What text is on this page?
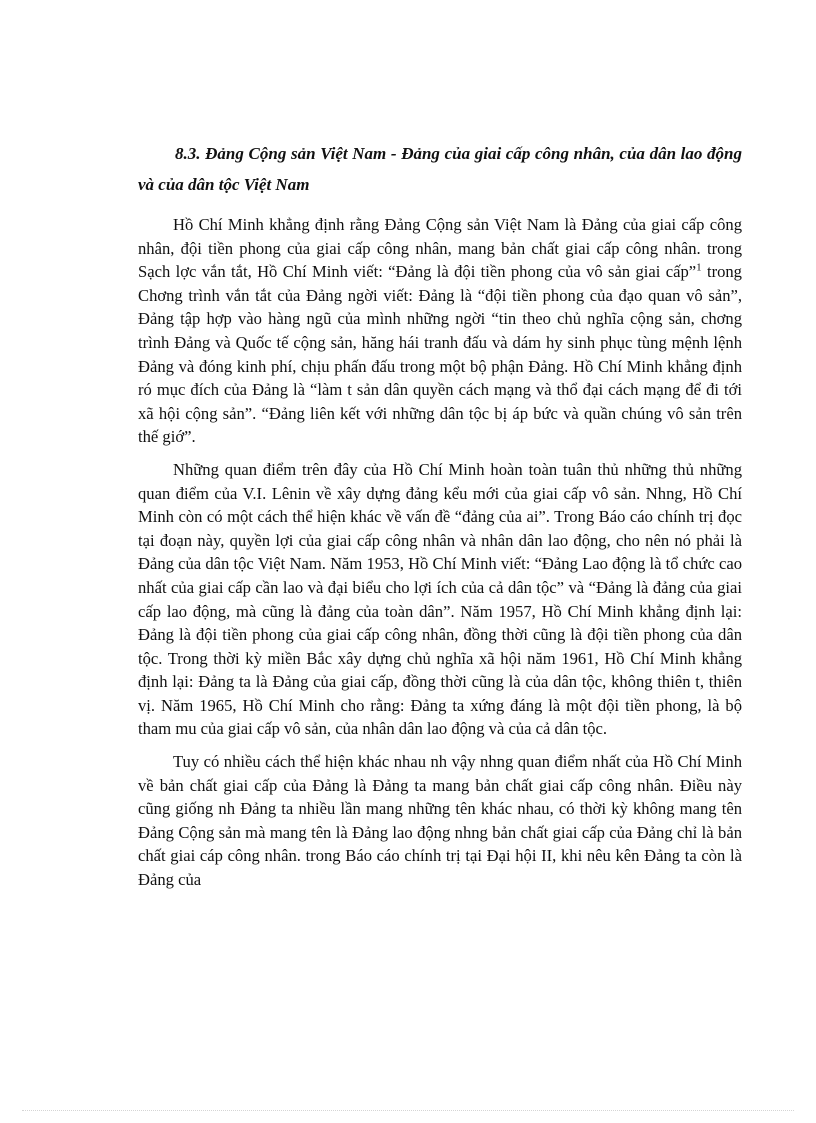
8.3. Đảng Cộng sản Việt Nam - Đảng của giai cấp công nhân, của dân lao động và của dân tộc Việt Nam

Hồ Chí Minh khẳng định rằng Đảng Cộng sản Việt Nam là Đảng của giai cấp công nhân, đội tiền phong của giai cấp công nhân, mang bản chất giai cấp công nhân. trong Sạch lợc vắn tắt, Hồ Chí Minh viết: “Đảng là đội tiền phong của vô sản giai cấp”$^1$ trong Chơng trình vắn tắt của Đảng ngời viết: Đảng là “đội tiền phong của đạo quan vô sản”, Đảng tập hợp vào hàng ngũ của mình những ngời “tin theo chủ nghĩa cộng sản, chơng trình Đảng và Quốc tế cộng sản, hăng hái tranh đấu và dám hy sinh phục tùng mệnh lệnh Đảng và đóng kinh phí, chịu phấn đấu trong một bộ phận Đảng. Hồ Chí Minh khẳng định ró mục đích của Đảng là “làm t sản dân quyền cách mạng và thổ đại cách mạng để đi tới xã hội cộng sản”. “Đảng liên kết với những dân tộc bị áp bức và quần chúng vô sản trên thế giớ”.

Những quan điểm trên đây của Hồ Chí Minh hoàn toàn tuân thủ những thủ những quan điểm của V.I. Lênin về xây dựng đảng kểu mới của giai cấp vô sản. Nhng, Hồ Chí Minh còn có một cách thể hiện khác về vấn đề “đảng của ai”. Trong Báo cáo chính trị đọc tại đoạn này, quyền lợi của giai cấp công nhân và nhân dân lao động, cho nên nó phải là Đảng của dân tộc Việt Nam. Năm 1953, Hồ Chí Minh viết: “Đảng Lao động là tổ chức cao nhất của giai cấp cần lao và đại biểu cho lợi ích của cả dân tộc” và “Đảng là đảng của giai cấp lao động, mà cũng là đảng của toàn dân”. Năm 1957, Hồ Chí Minh khẳng định lại: Đảng là đội tiền phong của giai cấp công nhân, đồng thời cũng là đội tiền phong của dân tộc. Trong thời kỳ miền Bắc xây dựng chủ nghĩa xã hội năm 1961, Hồ Chí Minh khẳng định lại: Đảng ta là Đảng của giai cấp, đồng thời cũng là của dân tộc, không thiên t, thiên vị. Năm 1965, Hồ Chí Minh cho rằng: Đảng ta xứng đáng là một đội tiền phong, là bộ tham mu của giai cấp vô sản, của nhân dân lao động và của cả dân tộc.

Tuy có nhiều cách thể hiện khác nhau nh vậy nhng quan điểm nhất của Hồ Chí Minh về bản chất giai cấp của Đảng là Đảng ta mang bản chất giai cấp công nhân. Điều này cũng giống nh Đảng ta nhiều lần mang những tên khác nhau, có thời kỳ không mang tên Đảng Cộng sản mà mang tên là Đảng lao động nhng bản chất giai cấp của Đảng chỉ là bản chất giai cáp công nhân. trong Báo cáo chính trị tại Đại hội II, khi nêu kên Đảng ta còn là Đảng của
